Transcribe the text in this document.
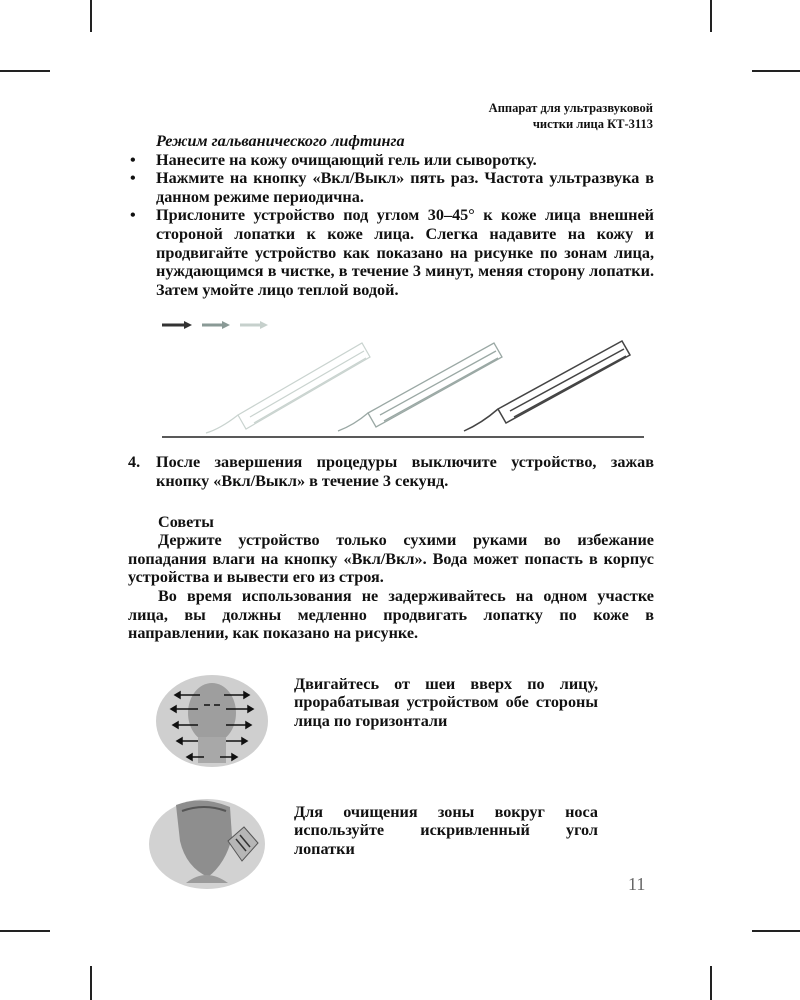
Аппарат для ультразвуковой
чистки лица КТ-3113
Режим гальванического лифтинга
• Нанесите на кожу очищающий гель или сыворотку.
• Нажмите на кнопку «Вкл/Выкл» пять раз. Частота ультразвука в данном режиме периодична.
• Прислоните устройство под углом 30–45° к коже лица внешней стороной лопатки к коже лица. Слегка надавите на кожу и продвигайте устройство как показано на рисунке по зонам лица, нуждающимся в чистке, в течение 3 минут, меняя сторону лопатки. Затем умойте лицо теплой водой.
4. После завершения процедуры выключите устройство, зажав кнопку «Вкл/Выкл» в течение 3 секунд.
Советы
Держите устройство только сухими руками во избежание попадания влаги на кнопку «Вкл/Вкл». Вода может попасть в корпус устройства и вывести его из строя.
Во время использования не задерживайтесь на одном участке лица, вы должны медленно продвигать лопатку по коже в направлении, как показано на рисунке.
Двигайтесь от шеи вверх по лицу, прорабатывая устройством обе стороны лица по горизонтали
Для очищения зоны вокруг носа используйте искривленный угол лопатки
11
